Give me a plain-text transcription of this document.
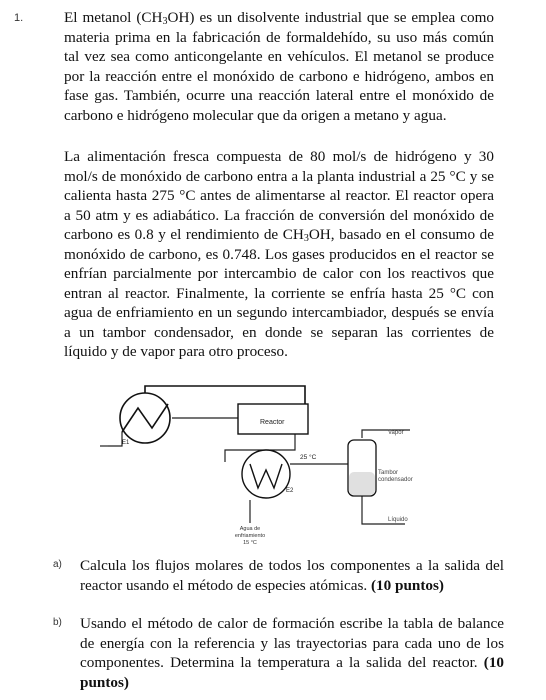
1.	El metanol $(CH_3OH)$ es un disolvente industrial que se emplea como materia prima en la fabricación de formaldehído, su uso más común tal vez sea como anticongelante en vehículos. El metanol se produce por la reacción entre el monóxido de carbono e hidrógeno, ambos en fase gas. También, ocurre una reacción lateral entre el monóxido de carbono e hidrógeno molecular que da origen a metano y agua.

La alimentación fresca compuesta de 80 mol/s de hidrógeno y 30 mol/s de monóxido de carbono entra a la planta industrial a 25 °C y se calienta hasta 275 °C antes de alimentarse al reactor. El reactor opera a 50 atm y es adiabático. La fracción de conversión del monóxido de carbono es 0.8 y el rendimiento de $CH_3OH$, basado en el consumo de monóxido de carbono, es 0.748. Los gases producidos en el reactor se enfrían parcialmente por intercambio de calor con los reactivos que entran al reactor. Finalmente, la corriente se enfría hasta 25 °C con agua de enfriamiento en un segundo intercambiador, después se envía a un tambor condensador, en donde se separan las corrientes de líquido y de vapor para otro proceso.

E1
Reactor
E2
25 °C
Vapor
Tambor
condensador
Líquido
Agua de
enfriamiento
15 °C
a)	Calcula los flujos molares de todos los componentes a la salida del reactor usando el método de especies atómicas. (10 puntos)

b)	Usando el método de calor de formación escribe la tabla de balance de energía con la referencia y las trayectorias para cada uno de los componentes. Determina la temperatura a la salida del reactor. (10 puntos)
